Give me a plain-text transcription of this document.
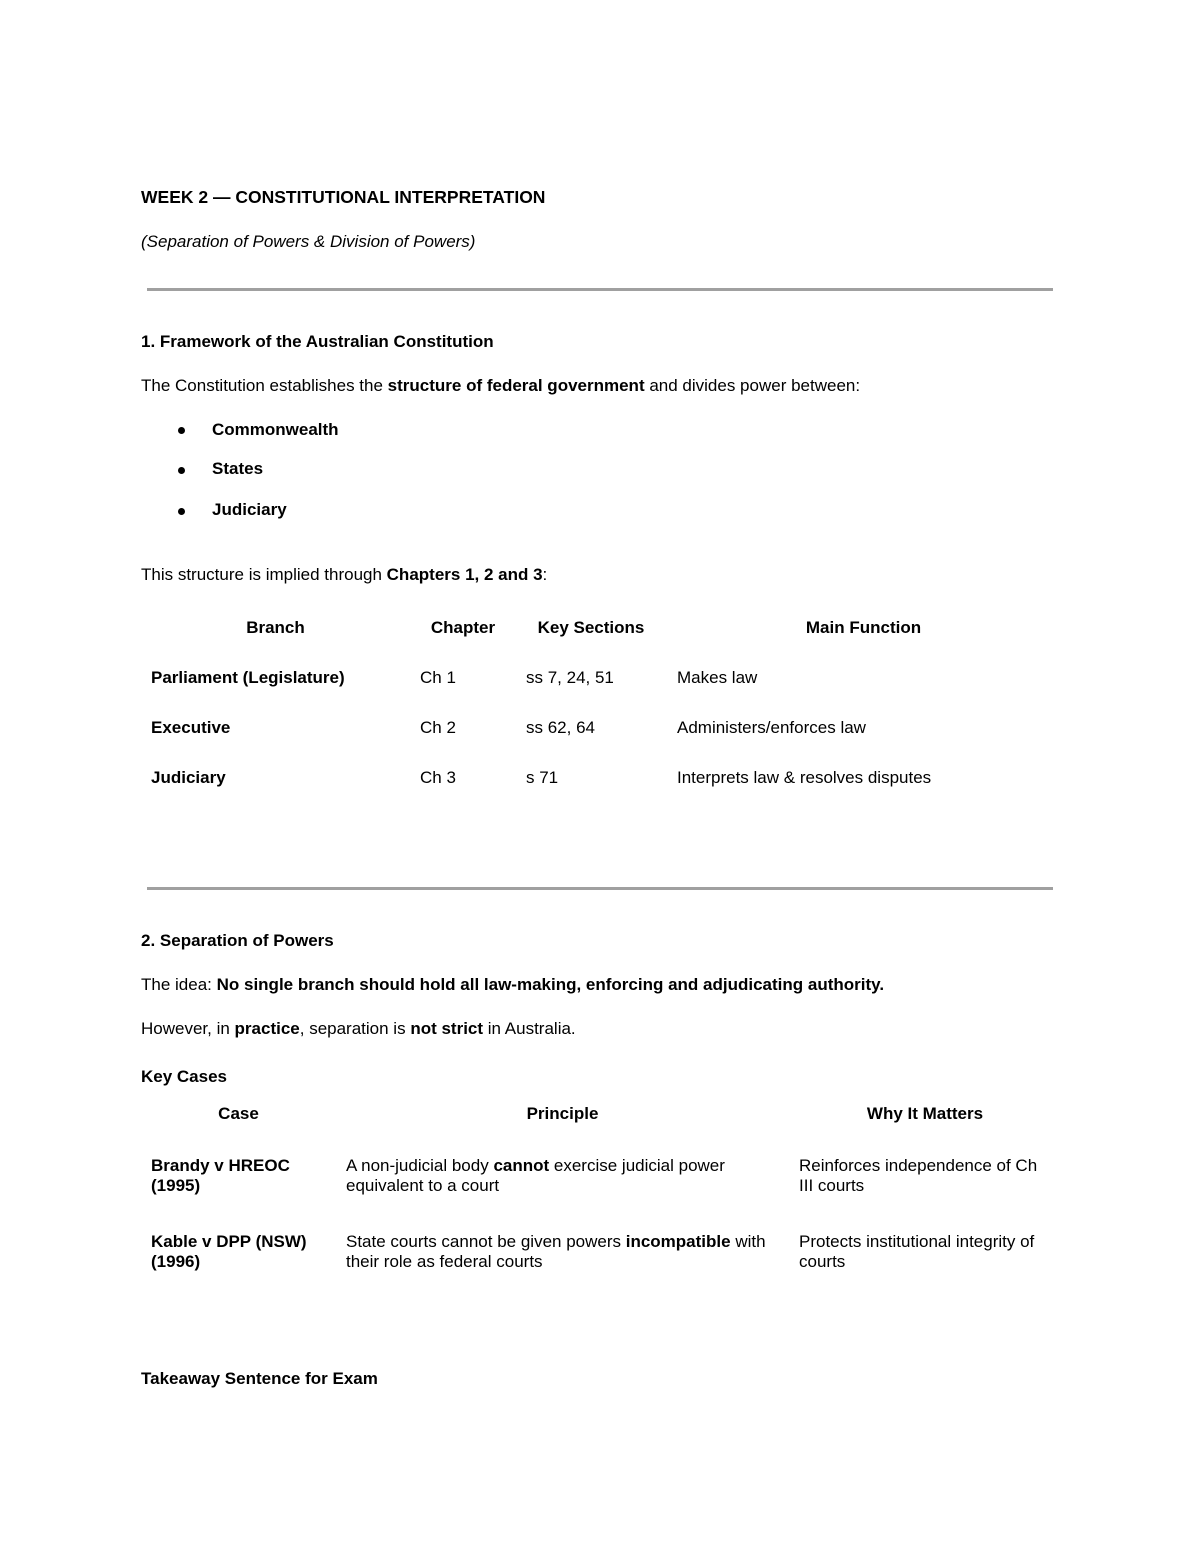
WEEK 2 — CONSTITUTIONAL INTERPRETATION
(Separation of Powers & Division of Powers)
1. Framework of the Australian Constitution
The Constitution establishes the structure of federal government and divides power between:
Commonwealth
States
Judiciary
This structure is implied through Chapters 1, 2 and 3:
Branch	Chapter	Key Sections	Main Function
Parliament (Legislature)	Ch 1	ss 7, 24, 51	Makes law
Executive	Ch 2	ss 62, 64	Administers/enforces law
Judiciary	Ch 3	s 71	Interprets law & resolves disputes
2. Separation of Powers
The idea: No single branch should hold all law-making, enforcing and adjudicating authority.
However, in practice, separation is not strict in Australia.
Key Cases
Case	Principle	Why It Matters
Brandy v HREOC (1995)	A non-judicial body cannot exercise judicial power equivalent to a court	Reinforces independence of Ch III courts
Kable v DPP (NSW) (1996)	State courts cannot be given powers incompatible with their role as federal courts	Protects institutional integrity of courts
Takeaway Sentence for Exam
